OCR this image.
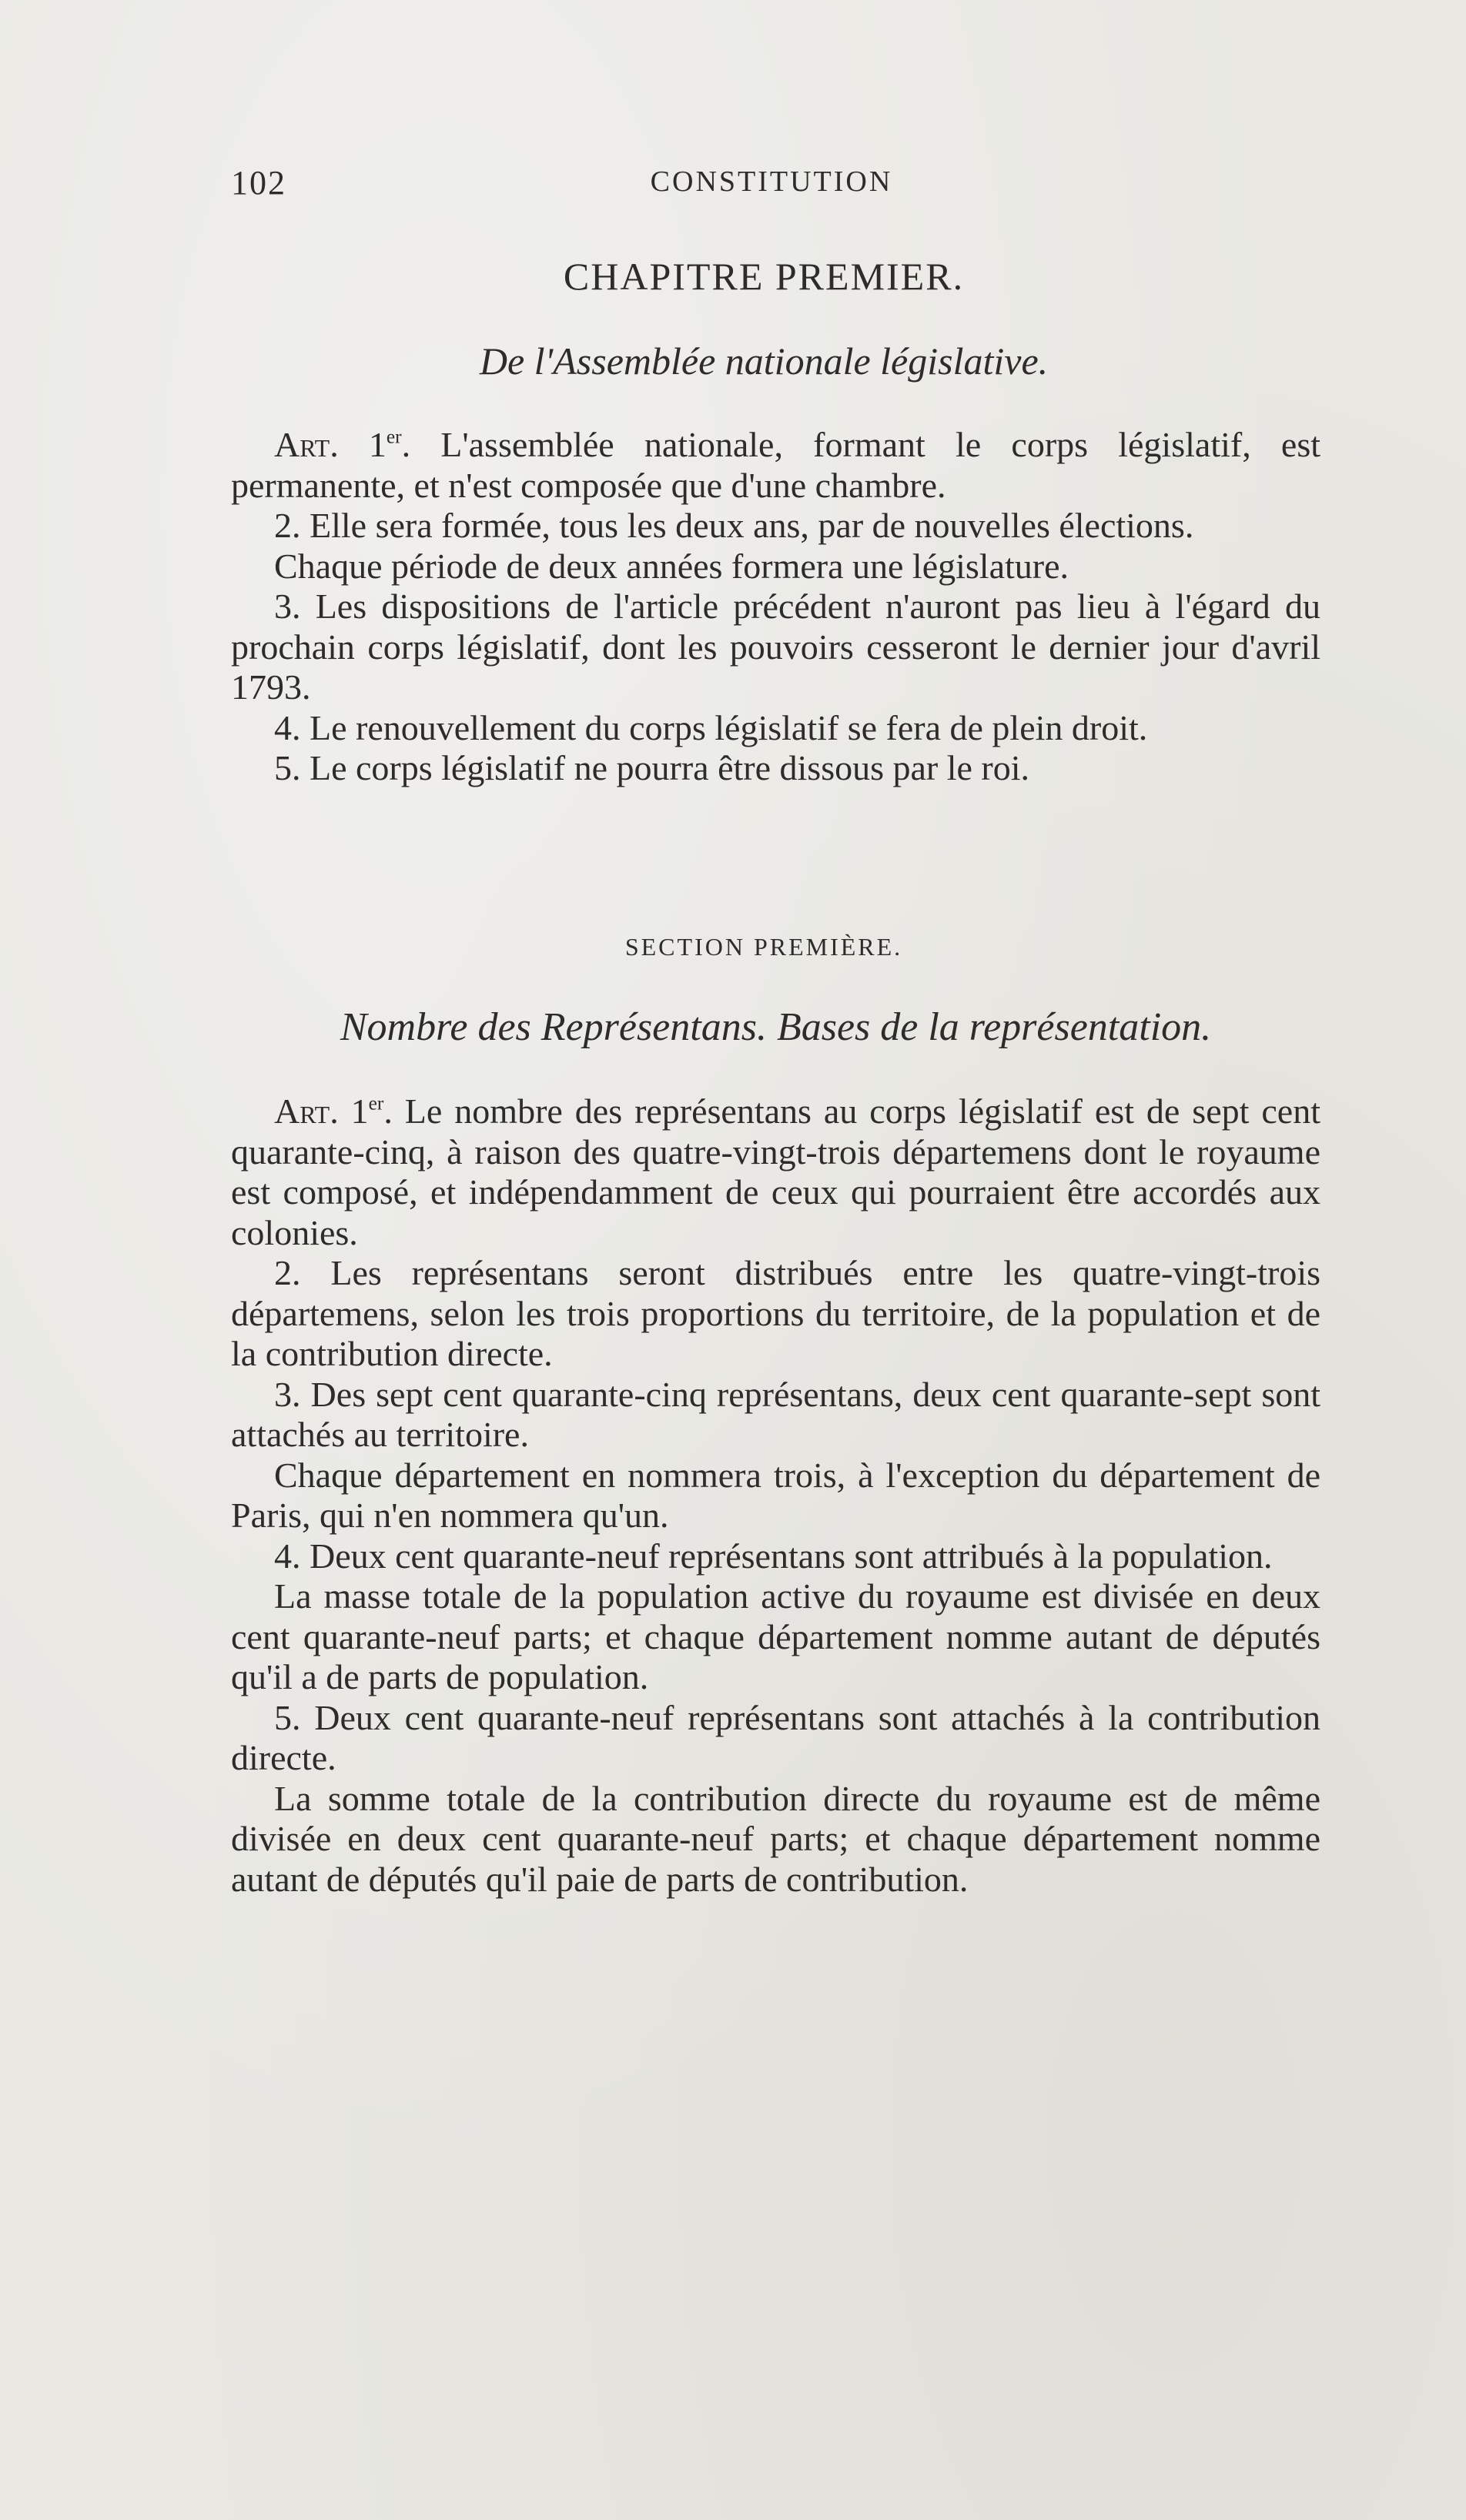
102	CONSTITUTION
CHAPITRE PREMIER.
De l'Assemblée nationale législative.

Art. 1er. L'assemblée nationale, formant le corps législatif, est permanente, et n'est composée que d'une chambre.

2. Elle sera formée, tous les deux ans, par de nouvelles élections.

Chaque période de deux années formera une législature.

3. Les dispositions de l'article précédent n'auront pas lieu à l'égard du prochain corps législatif, dont les pouvoirs cesseront le dernier jour d'avril 1793.

4. Le renouvellement du corps législatif se fera de plein droit.

5. Le corps législatif ne pourra être dissous par le roi.

SECTION PREMIÈRE.
Nombre des Représentans. Bases de la représentation.

Art. 1er. Le nombre des représentans au corps législatif est de sept cent quarante-cinq, à raison des quatre-vingt-trois départemens dont le royaume est composé, et indépendamment de ceux qui pourraient être accordés aux colonies.

2. Les représentans seront distribués entre les quatre-vingt-trois départemens, selon les trois proportions du territoire, de la population et de la contribution directe.

3. Des sept cent quarante-cinq représentans, deux cent quarante-sept sont attachés au territoire.

Chaque département en nommera trois, à l'exception du département de Paris, qui n'en nommera qu'un.

4. Deux cent quarante-neuf représentans sont attribués à la population.

La masse totale de la population active du royaume est divisée en deux cent quarante-neuf parts; et chaque département nomme autant de députés qu'il a de parts de population.

5. Deux cent quarante-neuf représentans sont attachés à la contribution directe.

La somme totale de la contribution directe du royaume est de même divisée en deux cent quarante-neuf parts; et chaque département nomme autant de députés qu'il paie de parts de contribution.
